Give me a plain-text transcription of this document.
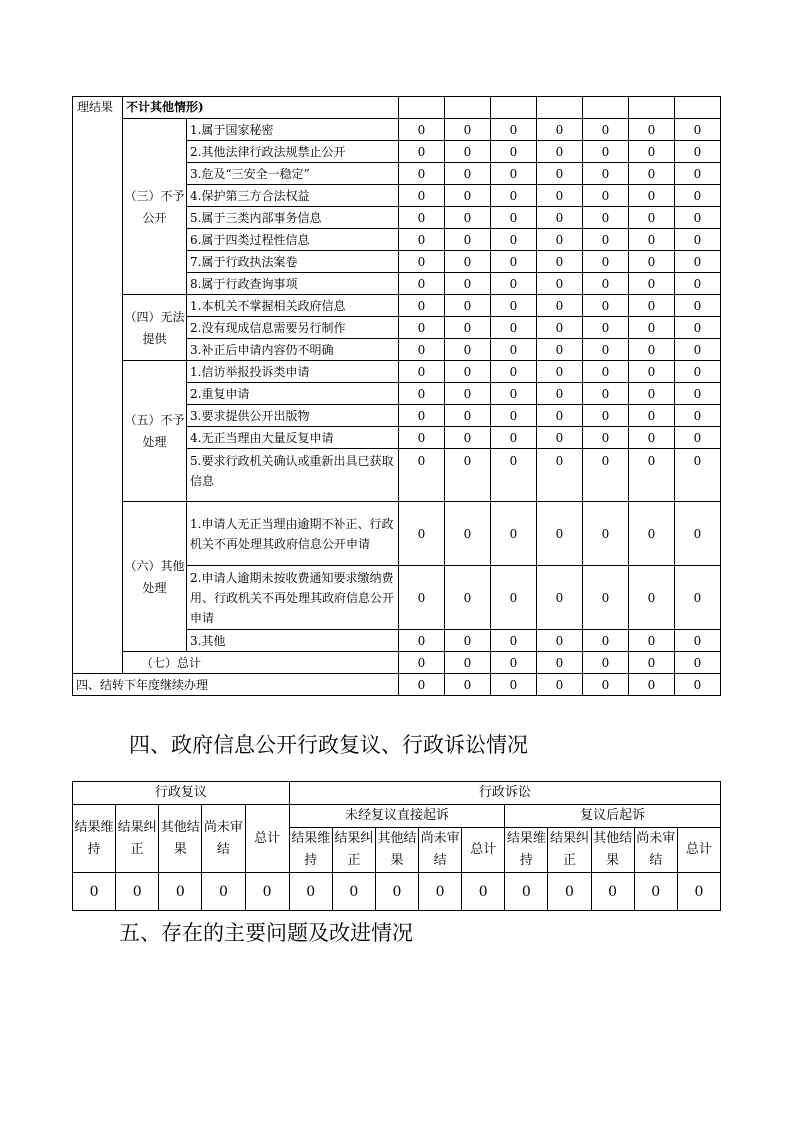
理结果	不计其他情形)								
	（三）不予公开	1.属于国家秘密	0	0	0	0	0	0	0
		2.其他法律行政法规禁止公开	0	0	0	0	0	0	0
		3.危及“三安全一稳定”	0	0	0	0	0	0	0
		4.保护第三方合法权益	0	0	0	0	0	0	0
		5.属于三类内部事务信息	0	0	0	0	0	0	0
		6.属于四类过程性信息	0	0	0	0	0	0	0
		7.属于行政执法案卷	0	0	0	0	0	0	0
		8.属于行政查询事项	0	0	0	0	0	0	0
	（四）无法提供	1.本机关不掌握相关政府信息	0	0	0	0	0	0	0
		2.没有现成信息需要另行制作	0	0	0	0	0	0	0
		3.补正后申请内容仍不明确	0	0	0	0	0	0	0
	（五）不予处理	1.信访举报投诉类申请	0	0	0	0	0	0	0
		2.重复申请	0	0	0	0	0	0	0
		3.要求提供公开出版物	0	0	0	0	0	0	0
		4.无正当理由大量反复申请	0	0	0	0	0	0	0
		5.要求行政机关确认或重新出具已获取信息	0	0	0	0	0	0	0
	（六）其他处理	1.申请人无正当理由逾期不补正、行政机关不再处理其政府信息公开申请	0	0	0	0	0	0	0
		2.申请人逾期未按收费通知要求缴纳费用、行政机关不再处理其政府信息公开申请	0	0	0	0	0	0	0
		3.其他	0	0	0	0	0	0	0
	（七）总计		0	0	0	0	0	0	0
四、结转下年度继续办理			0	0	0	0	0	0	0
四、政府信息公开行政复议、行政诉讼情况
行政复议					行政诉讼									
结果维持	结果纠正	其他结果	尚未审结	总计	未经复议直接起诉					复议后起诉				
					结果维持	结果纠正	其他结果	尚未审结	总计	结果维持	结果纠正	其他结果	尚未审结	总计
0	0	0	0	0	0	0	0	0	0	0	0	0	0	0
五、存在的主要问题及改进情况
